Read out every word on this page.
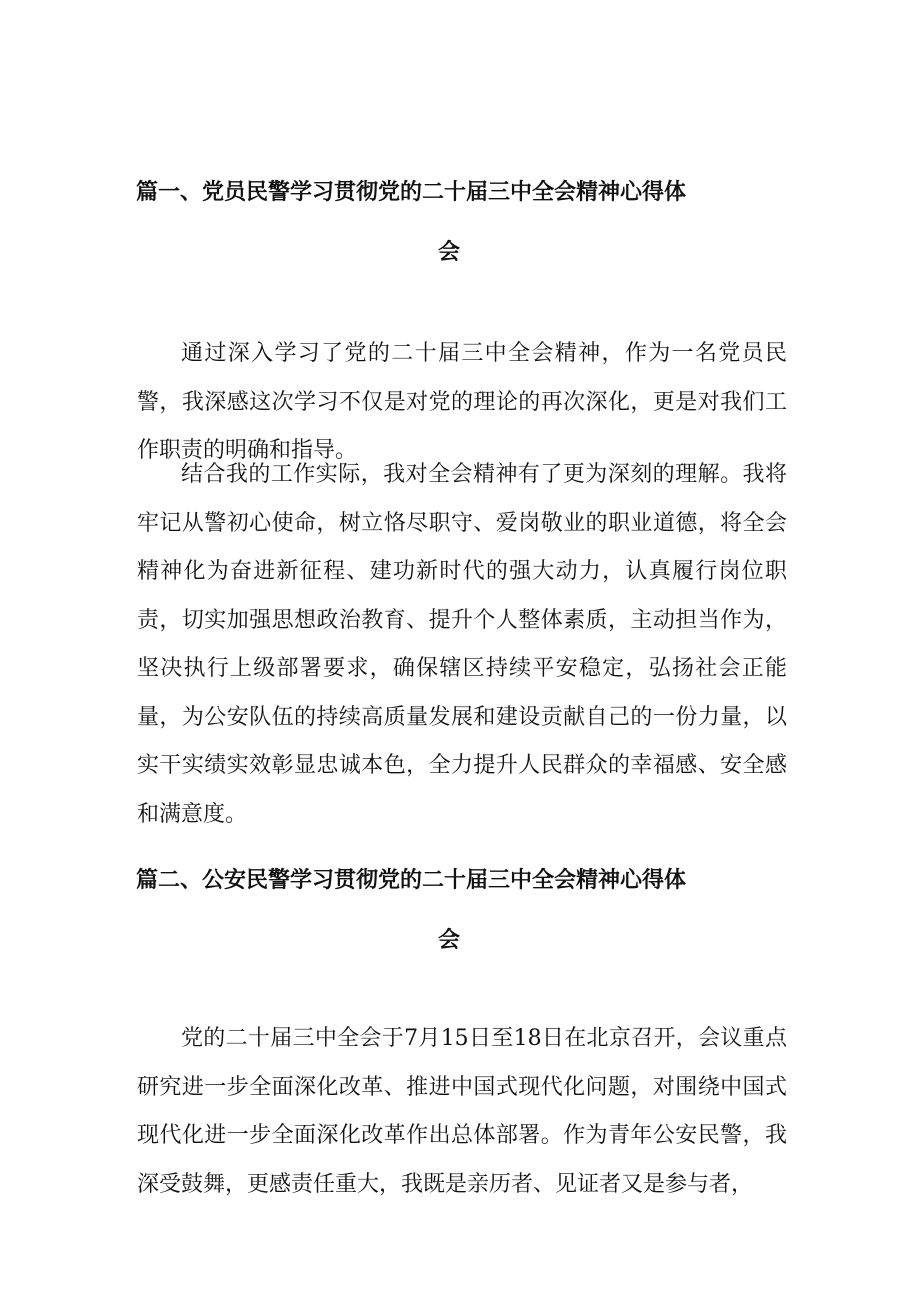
篇一、党员民警学习贯彻党的二十届三中全会精神心得体
会

通过深入学习了党的二十届三中全会精神，作为一名党员民警，我深感这次学习不仅是对党的理论的再次深化，更是对我们工作职责的明确和指导。

结合我的工作实际，我对全会精神有了更为深刻的理解。我将牢记从警初心使命，树立恪尽职守、爱岗敬业的职业道德，将全会精神化为奋进新征程、建功新时代的强大动力，认真履行岗位职责，切实加强思想政治教育、提升个人整体素质，主动担当作为，坚决执行上级部署要求，确保辖区持续平安稳定，弘扬社会正能量，为公安队伍的持续高质量发展和建设贡献自己的一份力量，以实干实绩实效彰显忠诚本色，全力提升人民群众的幸福感、安全感和满意度。

篇二、公安民警学习贯彻党的二十届三中全会精神心得体
会

党的二十届三中全会于7月15日至18日在北京召开，会议重点研究进一步全面深化改革、推进中国式现代化问题，对围绕中国式现代化进一步全面深化改革作出总体部署。作为青年公安民警，我深受鼓舞，更感责任重大，我既是亲历者、见证者又是参与者，
